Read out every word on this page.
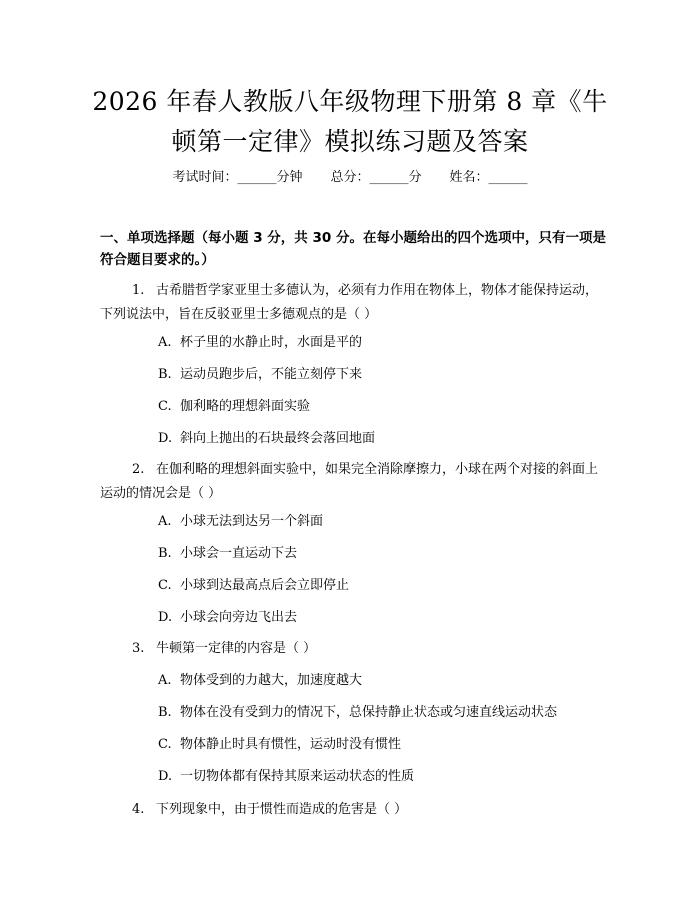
2026 年春人教版八年级物理下册第 8 章《牛
顿第一定律》模拟练习题及答案
考试时间：______分钟 总分：______分 姓名：______
一、单项选择题（每小题 3 分，共 30 分。在每小题给出的四个选项中，只有一项是符合题目要求的。）
1. 古希腊哲学家亚里士多德认为，必须有力作用在物体上，物体才能保持运动，下列说法中，旨在反驳亚里士多德观点的是（ ）
A. 杯子里的水静止时，水面是平的
B. 运动员跑步后，不能立刻停下来
C. 伽利略的理想斜面实验
D. 斜向上抛出的石块最终会落回地面
2. 在伽利略的理想斜面实验中，如果完全消除摩擦力，小球在两个对接的斜面上运动的情况会是（ ）
A. 小球无法到达另一个斜面
B. 小球会一直运动下去
C. 小球到达最高点后会立即停止
D. 小球会向旁边飞出去
3. 牛顿第一定律的内容是（ ）
A. 物体受到的力越大，加速度越大
B. 物体在没有受到力的情况下，总保持静止状态或匀速直线运动状态
C. 物体静止时具有惯性，运动时没有惯性
D. 一切物体都有保持其原来运动状态的性质
4. 下列现象中，由于惯性而造成的危害是（ ）
